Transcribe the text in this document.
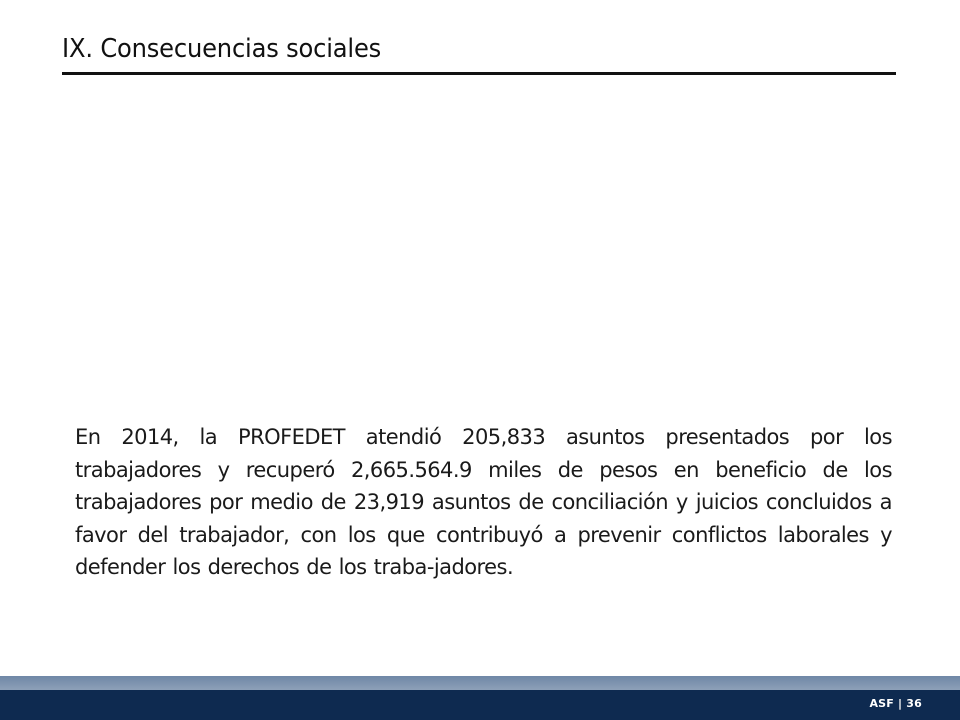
IX. Consecuencias sociales

En 2014, la PROFEDET atendió 205,833 asuntos presentados por los trabajadores y recuperó 2,665.564.9 miles de pesos en beneficio de los trabajadores por medio de 23,919 asuntos de conciliación y juicios concluidos a favor del trabajador, con los que contribuyó a prevenir conflictos laborales y defender los derechos de los traba-jadores.

ASF | 36
